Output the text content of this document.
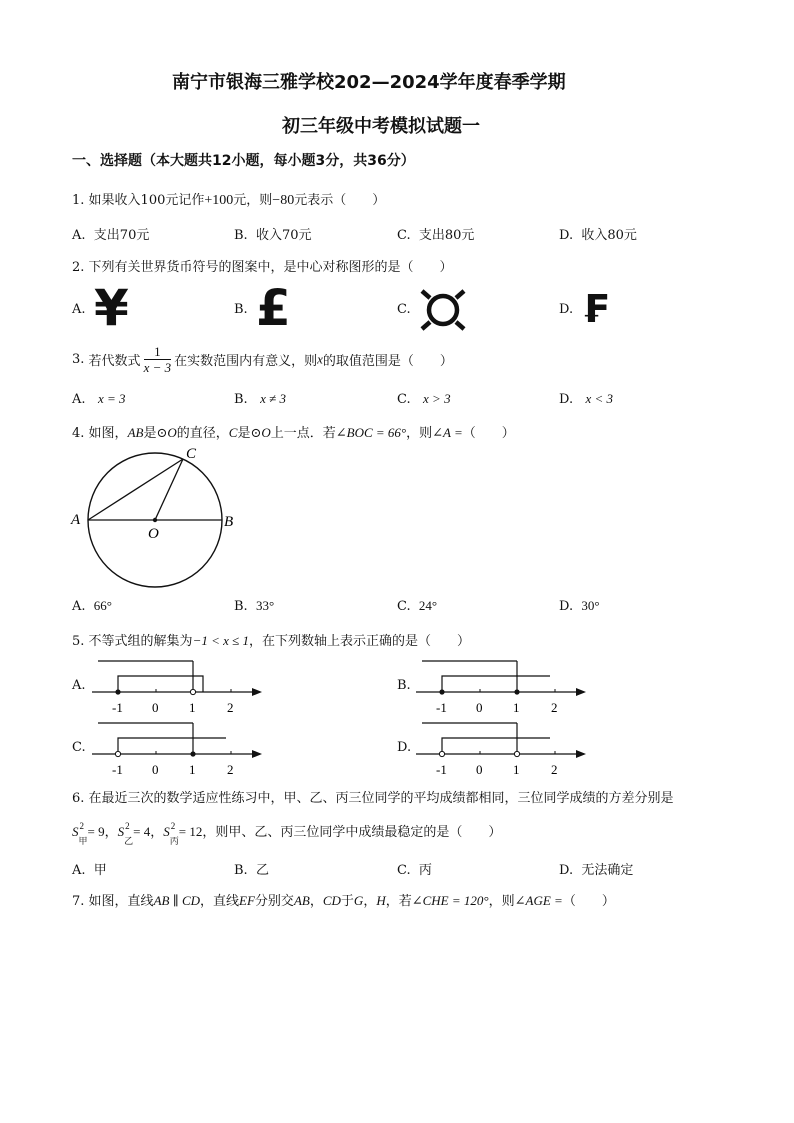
南宁市银海三雅学校202—2024学年度春季学期
初三年级中考模拟试题一
一、选择题（本大题共12小题，每小题3分，共36分）
1. 如果收入100元记作+100元，则−80元表示（　　）
A. 支出70元	B. 收入70元	C. 支出80元	D. 收入80元
2. 下列有关世界货币符号的图案中，是中心对称图形的是（　　）
A. ¥	B. £	C.	D. ₣
3. 若代数式 $\frac{1}{x - 3}$ 在实数范围内有意义，则x的取值范围是（　　）
A. x = 3	B. x ≠ 3	C. x > 3	D. x < 3
4. 如图，AB是⊙O的直径，C是⊙O上一点．若∠BOC = 66°，则∠A =（　　）
A	B
C
O
A. 66°	B. 33°	C. 24°	D. 30°
5. 不等式组的解集为−1 < x ≤ 1，在下列数轴上表示正确的是（　　）
A.
-1 0 1 2
B.
-1 0 1 2
C.
-1 0 1 2
D.
-1 0 1 2
6. 在最近三次的数学适应性练习中，甲、乙、丙三位同学的平均成绩都相同，三位同学成绩的方差分别是
S 2
$_甲$= 9，S 2
$_乙$= 4，S 2
$_丙$= 12，则甲、乙、丙三位同学中成绩最稳定的是（　　）
A. 甲	B. 乙	C. 丙	D. 无法确定
7. 如图，直线AB ∥ CD，直线EF分别交AB，CD于G，H，若∠CHE = 120°，则∠AGE =（　　）
